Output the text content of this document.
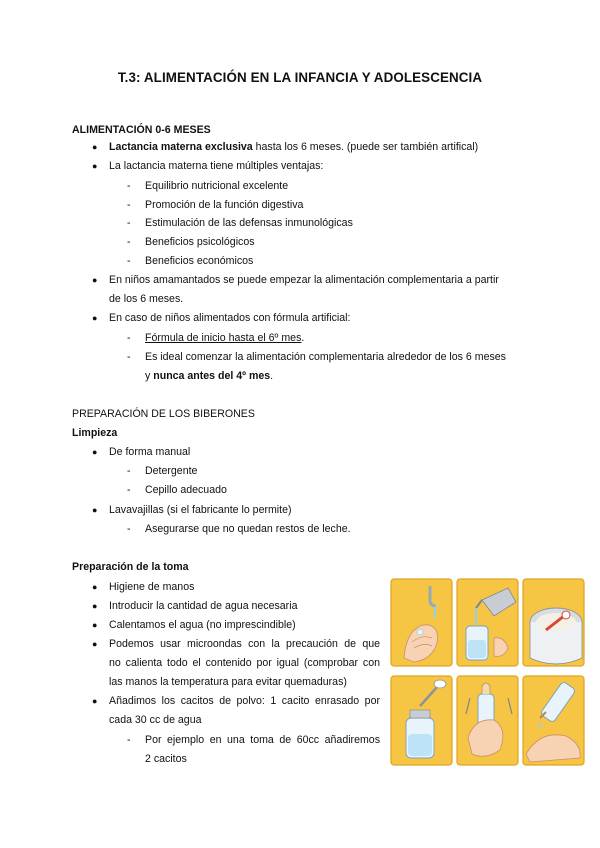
T.3: ALIMENTACIÓN EN LA INFANCIA Y ADOLESCENCIA
ALIMENTACIÓN 0-6 MESES
● Lactancia materna exclusiva hasta los 6 meses. (puede ser también artifical)
● La lactancia materna tiene múltiples ventajas:
- Equilibrio nutricional excelente
- Promoción de la función digestiva
- Estimulación de las defensas inmunológicas
- Beneficios psicológicos
- Beneficios económicos
● En niños amamantados se puede empezar la alimentación complementaria a partir
de los 6 meses.
● En caso de niños alimentados con fórmula artificial:
- Fórmula de inicio hasta el 6º mes.
- Es ideal comenzar la alimentación complementaria alrededor de los 6 meses
y nunca antes del 4º mes.
PREPARACIÓN DE LOS BIBERONES
Limpieza
● De forma manual
- Detergente
- Cepillo adecuado
● Lavavajillas (si el fabricante lo permite)
- Asegurarse que no quedan restos de leche.
Preparación de la toma
● Higiene de manos
● Introducir la cantidad de agua necesaria
● Calentamos el agua (no imprescindible)
● Podemos usar microondas con la precaución de que
no calienta todo el contenido por igual (comprobar con
las manos la temperatura para evitar quemaduras)
● Añadimos los cacitos de polvo: 1 cacito enrasado por
cada 30 cc de agua
- Por ejemplo en una toma de 60cc añadiremos
2 cacitos
